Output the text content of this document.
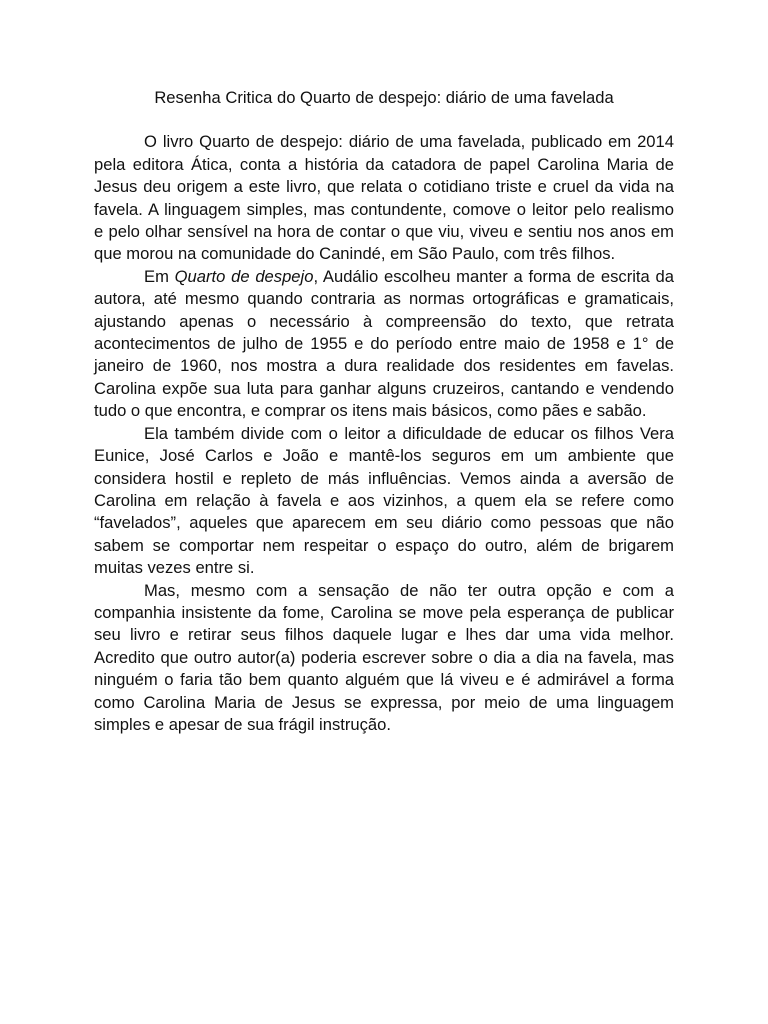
Resenha Critica do Quarto de despejo: diário de uma favelada

O livro Quarto de despejo: diário de uma favelada, publicado em 2014 pela editora Ática, conta a história da catadora de papel Carolina Maria de Jesus deu origem a este livro, que relata o cotidiano triste e cruel da vida na favela. A linguagem simples, mas contundente, comove o leitor pelo realismo e pelo olhar sensível na hora de contar o que viu, viveu e sentiu nos anos em que morou na comunidade do Canindé, em São Paulo, com três filhos.

Em Quarto de despejo, Audálio escolheu manter a forma de escrita da autora, até mesmo quando contraria as normas ortográficas e gramaticais, ajustando apenas o necessário à compreensão do texto, que retrata acontecimentos de julho de 1955 e do período entre maio de 1958 e 1° de janeiro de 1960, nos mostra a dura realidade dos residentes em favelas. Carolina expõe sua luta para ganhar alguns cruzeiros, cantando e vendendo tudo o que encontra, e comprar os itens mais básicos, como pães e sabão.

Ela também divide com o leitor a dificuldade de educar os filhos Vera Eunice, José Carlos e João e mantê-los seguros em um ambiente que considera hostil e repleto de más influências. Vemos ainda a aversão de Carolina em relação à favela e aos vizinhos, a quem ela se refere como “favelados”, aqueles que aparecem em seu diário como pessoas que não sabem se comportar nem respeitar o espaço do outro, além de brigarem muitas vezes entre si.

Mas, mesmo com a sensação de não ter outra opção e com a companhia insistente da fome, Carolina se move pela esperança de publicar seu livro e retirar seus filhos daquele lugar e lhes dar uma vida melhor. Acredito que outro autor(a) poderia escrever sobre o dia a dia na favela, mas ninguém o faria tão bem quanto alguém que lá viveu e é admirável a forma como Carolina Maria de Jesus se expressa, por meio de uma linguagem simples e apesar de sua frágil instrução.
